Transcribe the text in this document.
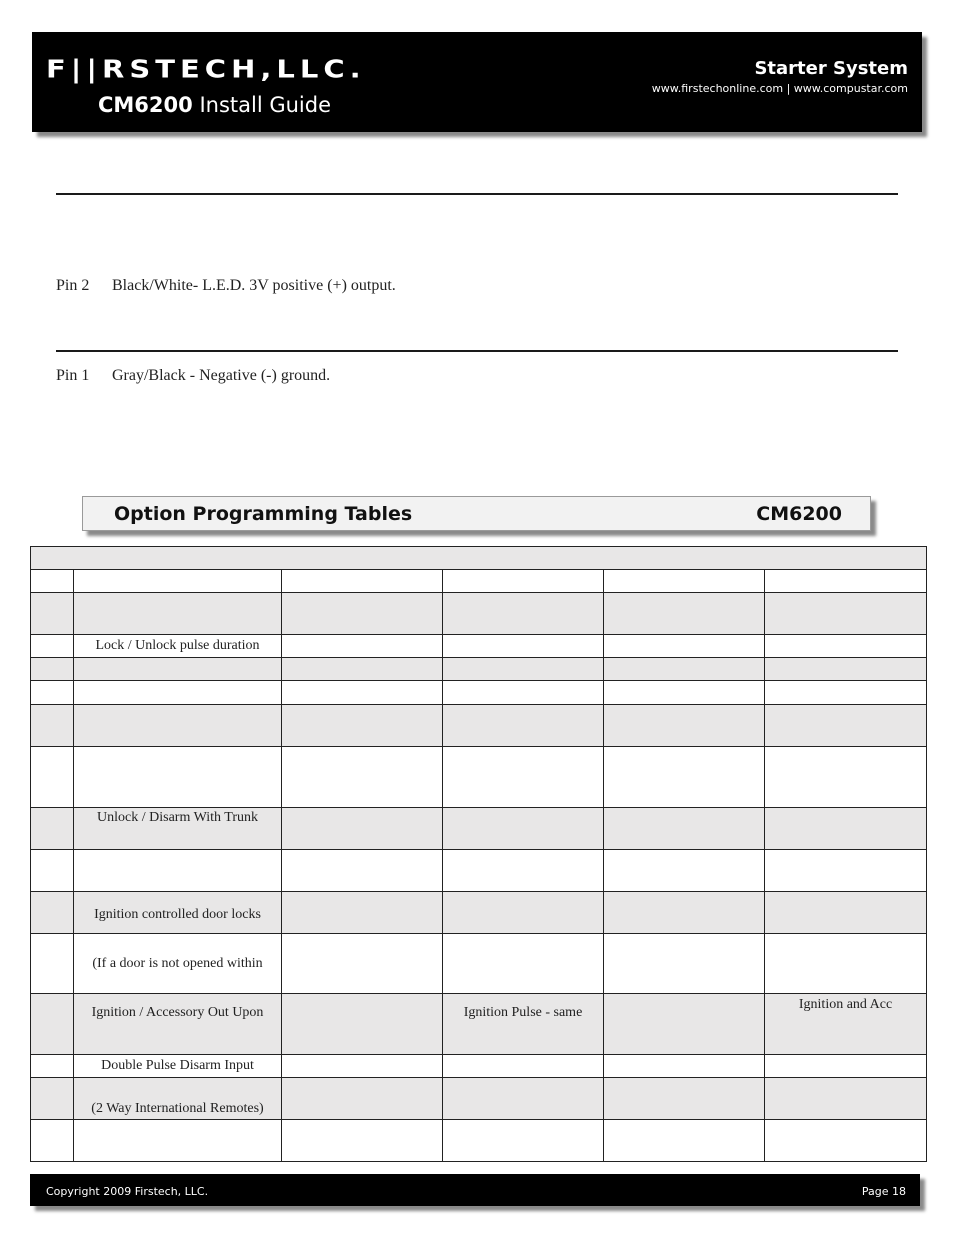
F||RSTECH,LLC.
CM6200 Install Guide
Starter System
www.firstechonline.com | www.compustar.com
Pin 2 Black/White- L.E.D. 3V positive (+) output.
Pin 1 Gray/Black - Negative (-) ground.
Option Programming Tables	CM6200

	Lock / Unlock pulse duration				

	Unlock / Disarm With Trunk				

	Ignition controlled door locks				
	(If a door is not opened within				
	Ignition / Accessory Out Upon		Ignition Pulse - same		Ignition and Acc
	Double Pulse Disarm Input				
	(2 Way International Remotes)				

Copyright 2009 Firstech, LLC.	Page 18
